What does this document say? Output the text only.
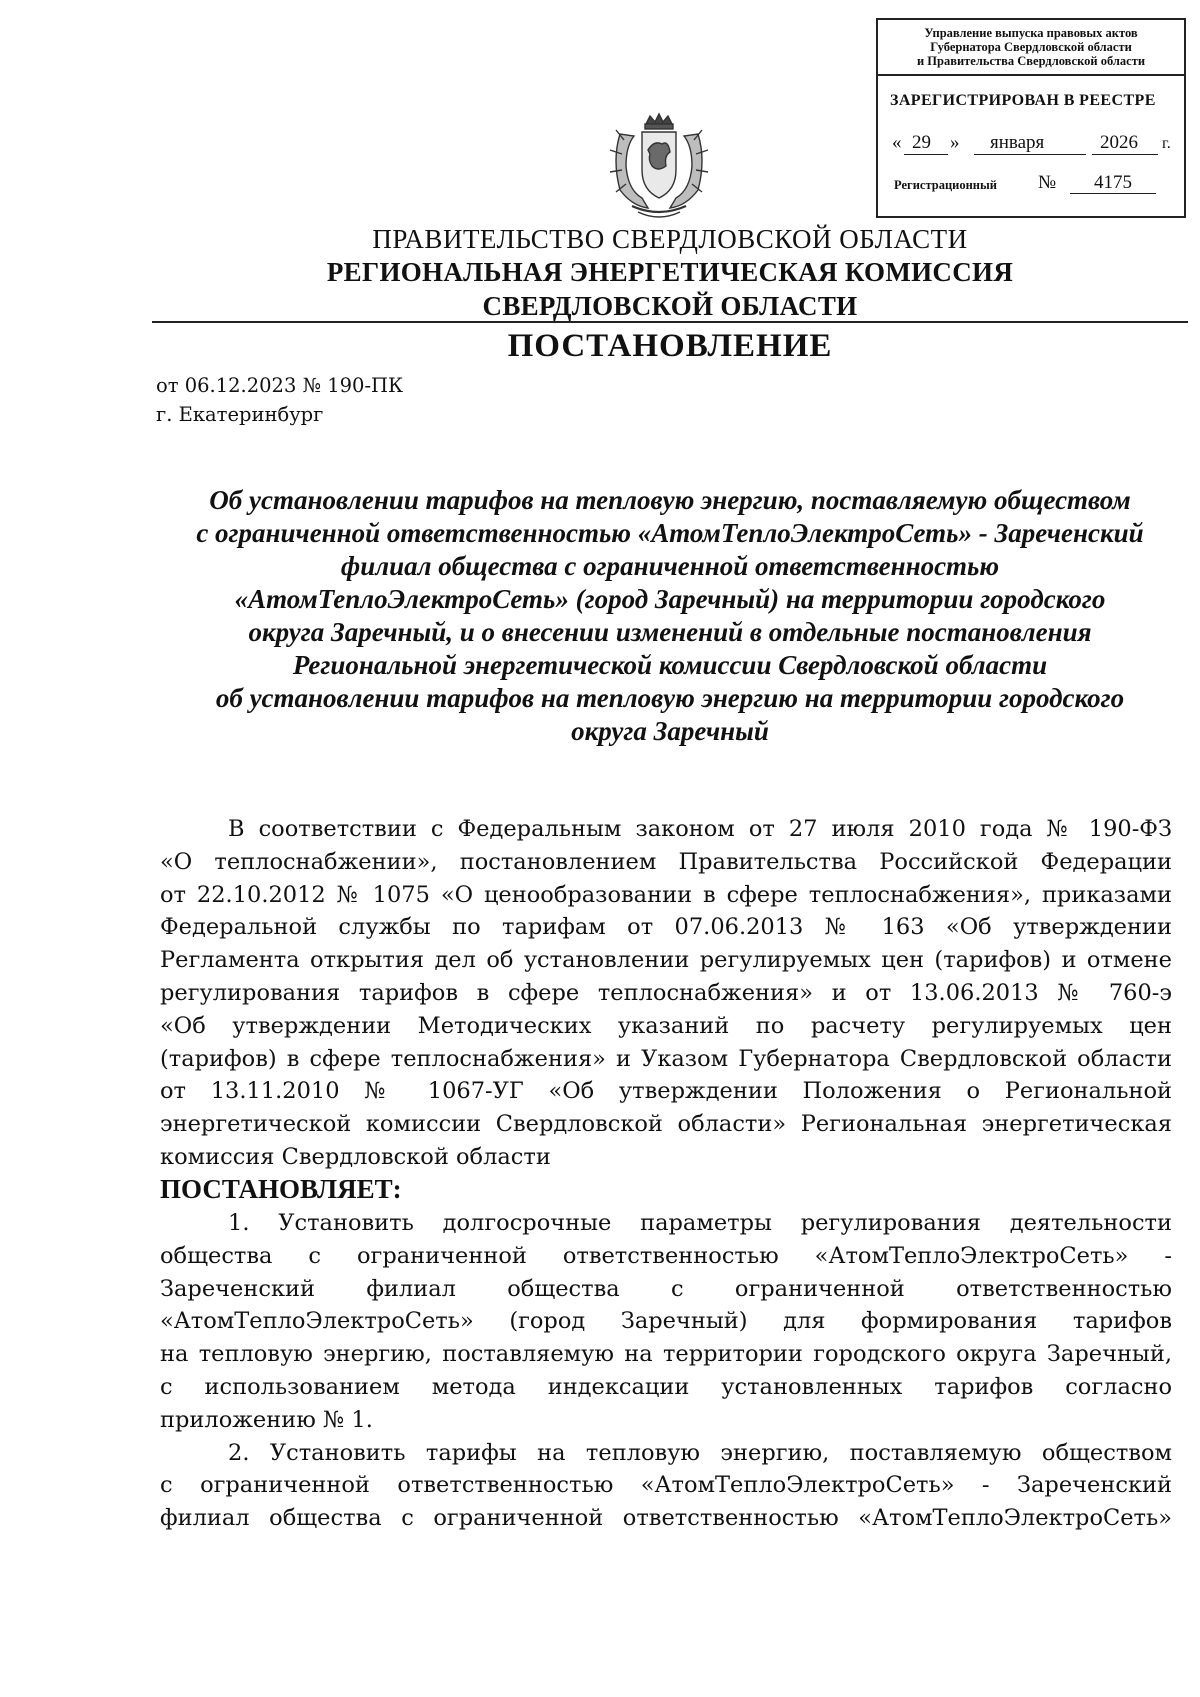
Управление выпуска правовых актов
Губернатора Свердловской области
и Правительства Свердловской области
ЗАРЕГИСТРИРОВАН В РЕЕСТРЕ
« 29 » января	2026 г.
Регистрационный №	4175
ПРАВИТЕЛЬСТВО СВЕРДЛОВСКОЙ ОБЛАСТИ
РЕГИОНАЛЬНАЯ ЭНЕРГЕТИЧЕСКАЯ КОМИССИЯ
СВЕРДЛОВСКОЙ ОБЛАСТИ
ПОСТАНОВЛЕНИЕ
от 06.12.2023 № 190-ПК
г. Екатеринбург
Об установлении тарифов на тепловую энергию, поставляемую обществом
с ограниченной ответственностью «АтомТеплоЭлектроСеть» - Зареченский
филиал общества с ограниченной ответственностью
«АтомТеплоЭлектроСеть» (город Заречный) на территории городского
округа Заречный, и о внесении изменений в отдельные постановления
Региональной энергетической комиссии Свердловской области
об установлении тарифов на тепловую энергию на территории городского
округа Заречный
В соответствии с Федеральным законом от 27 июля 2010 года № 190-ФЗ
«О теплоснабжении», постановлением Правительства Российской Федерации
от 22.10.2012 № 1075 «О ценообразовании в сфере теплоснабжения», приказами
Федеральной службы по тарифам от 07.06.2013 № 163 «Об утверждении
Регламента открытия дел об установлении регулируемых цен (тарифов) и отмене
регулирования тарифов в сфере теплоснабжения» и от 13.06.2013 № 760-э
«Об утверждении Методических указаний по расчету регулируемых цен
(тарифов) в сфере теплоснабжения» и Указом Губернатора Свердловской области
от 13.11.2010 № 1067-УГ «Об утверждении Положения о Региональной
энергетической комиссии Свердловской области» Региональная энергетическая
комиссия Свердловской области
ПОСТАНОВЛЯЕТ:
1. Установить долгосрочные параметры регулирования деятельности
общества с ограниченной ответственностью «АтомТеплоЭлектроСеть» -
Зареченский филиал общества с ограниченной ответственностью
«АтомТеплоЭлектроСеть» (город Заречный) для формирования тарифов
на тепловую энергию, поставляемую на территории городского округа Заречный,
с использованием метода индексации установленных тарифов согласно
приложению № 1.
2. Установить тарифы на тепловую энергию, поставляемую обществом
с ограниченной ответственностью «АтомТеплоЭлектроСеть» - Зареченский
филиал общества с ограниченной ответственностью «АтомТеплоЭлектроСеть»
